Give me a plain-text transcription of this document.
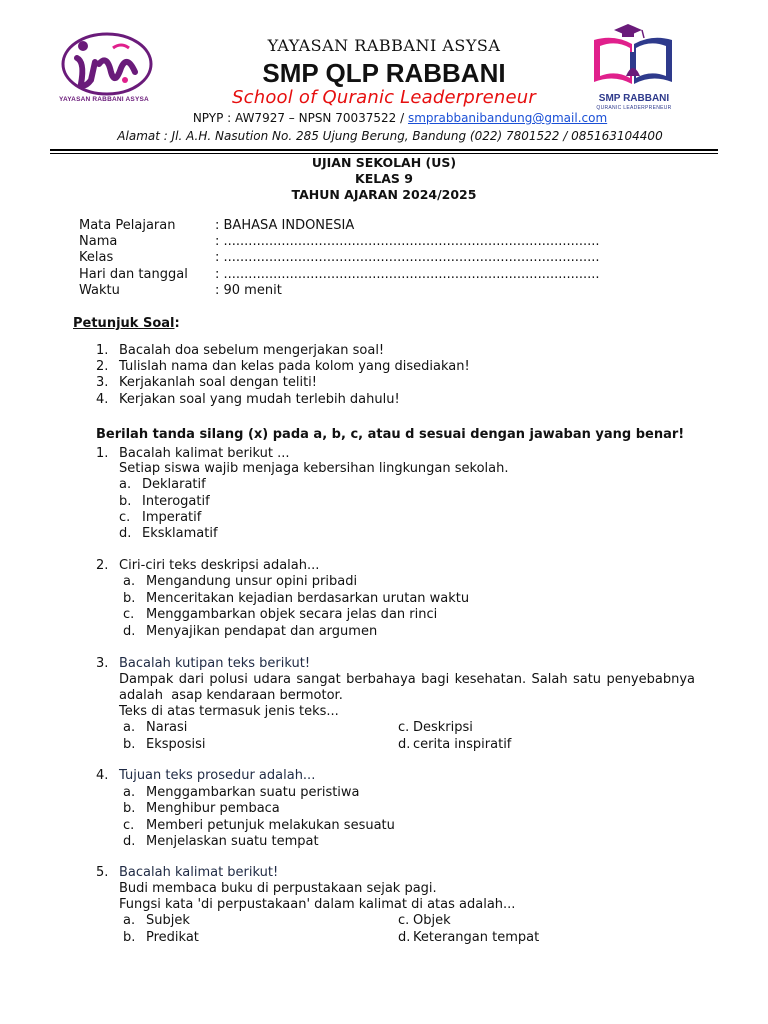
YAYASAN RABBANI ASYSA	SMP RABBANI
QURANIC LEADERPRENEUR
YAYASAN RABBANI ASYSA
SMP QLP RABBANI
School of Quranic Leaderpreneur
NPYP : AW7927 – NPSN 70037522 / smprabbanibandung@gmail.com
Alamat : Jl. A.H. Nasution No. 285 Ujung Berung, Bandung (022) 7801522 / 085163104400
UJIAN SEKOLAH (US)
KELAS 9
TAHUN AJARAN 2024/2025
Mata Pelajaran	: BAHASA INDONESIA
Nama	: ...........................................................................................
Kelas	: ...........................................................................................
Hari dan tanggal : ...........................................................................................
Waktu	: 90 menit
Petunjuk Soal:
1. Bacalah doa sebelum mengerjakan soal!
2. Tulislah nama dan kelas pada kolom yang disediakan!
3. Kerjakanlah soal dengan teliti!
4. Kerjakan soal yang mudah terlebih dahulu!
Berilah tanda silang (x) pada a, b, c, atau d sesuai dengan jawaban yang benar!
1. Bacalah kalimat berikut ...
Setiap siswa wajib menjaga kebersihan lingkungan sekolah.
a. Deklaratif
b. Interogatif
c. Imperatif
d. Eksklamatif
2. Ciri-ciri teks deskripsi adalah...
a. Mengandung unsur opini pribadi
b. Menceritakan kejadian berdasarkan urutan waktu
c. Menggambarkan objek secara jelas dan rinci
d. Menyajikan pendapat dan argumen
3. Bacalah kutipan teks berikut!
Dampak dari polusi udara sangat berbahaya bagi kesehatan. Salah satu penyebabnya
adalah  asap kendaraan bermotor.
Teks di atas termasuk jenis teks...
a. Narasi	c. Deskripsi
b. Eksposisi	d. cerita inspiratif
4. Tujuan teks prosedur adalah...
a. Menggambarkan suatu peristiwa
b. Menghibur pembaca
c. Memberi petunjuk melakukan sesuatu
d. Menjelaskan suatu tempat
5. Bacalah kalimat berikut!
Budi membaca buku di perpustakaan sejak pagi.
Fungsi kata 'di perpustakaan' dalam kalimat di atas adalah...
a. Subjek	c. Objek
b. Predikat	d. Keterangan tempat
